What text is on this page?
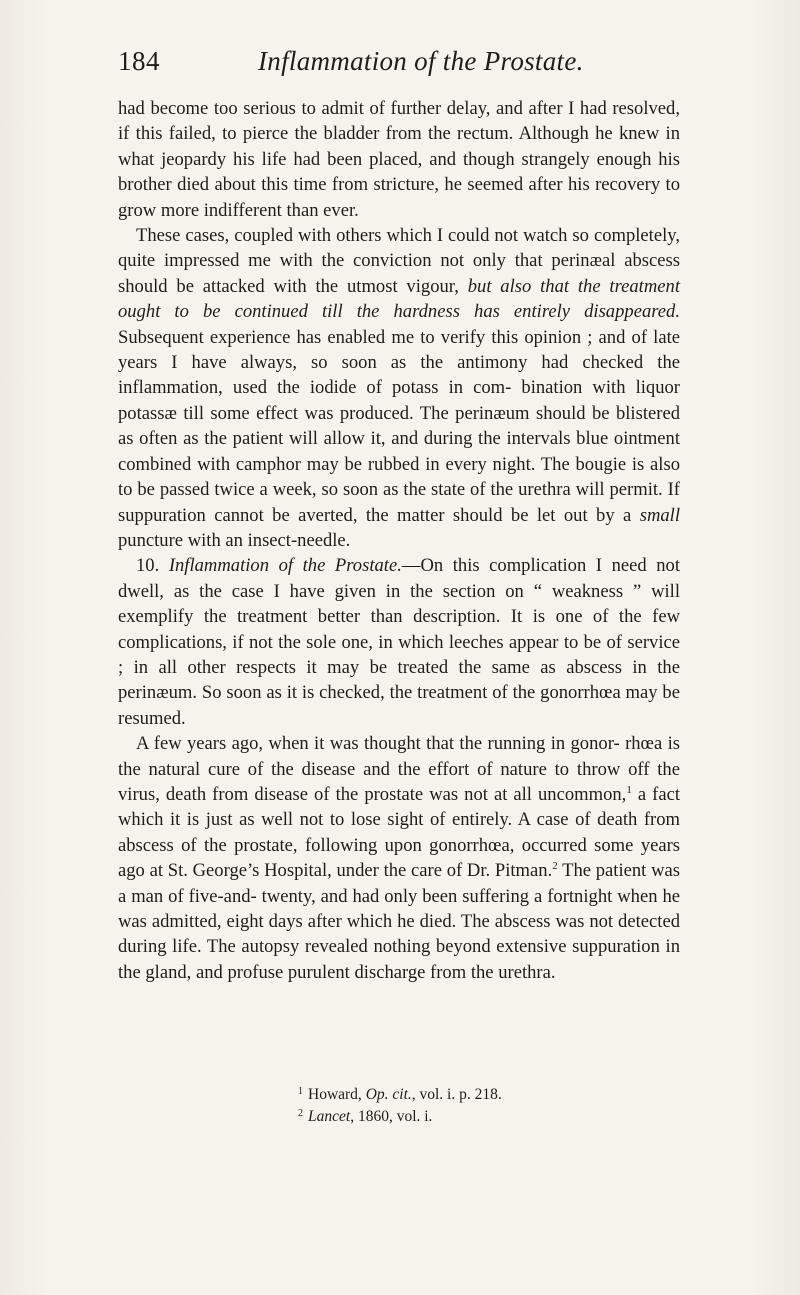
184	Inflammation of the Prostate.

had become too serious to admit of further delay, and after I had resolved, if this failed, to pierce the bladder from the rectum. Although he knew in what jeopardy his life had been placed, and though strangely enough his brother died about this time from stricture, he seemed after his recovery to grow more indifferent than ever.

These cases, coupled with others which I could not watch so completely, quite impressed me with the conviction not only that perinæal abscess should be attacked with the utmost vigour, but also that the treatment ought to be continued till the hardness has entirely disappeared. Subsequent experience has enabled me to verify this opinion ; and of late years I have always, so soon as the antimony had checked the inflammation, used the iodide of potass in com- bination with liquor potassæ till some effect was produced. The perinæum should be blistered as often as the patient will allow it, and during the intervals blue ointment combined with camphor may be rubbed in every night. The bougie is also to be passed twice a week, so soon as the state of the urethra will permit. If suppuration cannot be averted, the matter should be let out by a small puncture with an insect-needle.

10. Inflammation of the Prostate.—On this complication I need not dwell, as the case I have given in the section on “ weakness ” will exemplify the treatment better than description. It is one of the few complications, if not the sole one, in which leeches appear to be of service ; in all other respects it may be treated the same as abscess in the perinæum. So soon as it is checked, the treatment of the gonorrhœa may be resumed.

A few years ago, when it was thought that the running in gonor- rhœa is the natural cure of the disease and the effort of nature to throw off the virus, death from disease of the prostate was not at all uncommon,$^1$ a fact which it is just as well not to lose sight of entirely. A case of death from abscess of the prostate, following upon gonorrhœa, occurred some years ago at St. George’s Hospital, under the care of Dr. Pitman.$^2$ The patient was a man of five-and- twenty, and had only been suffering a fortnight when he was admitted, eight days after which he died. The abscess was not detected during life. The autopsy revealed nothing beyond extensive suppuration in the gland, and profuse purulent discharge from the urethra.

$^1$ Howard, Op. cit., vol. i. p. 218.
$^2$ Lancet, 1860, vol. i.
